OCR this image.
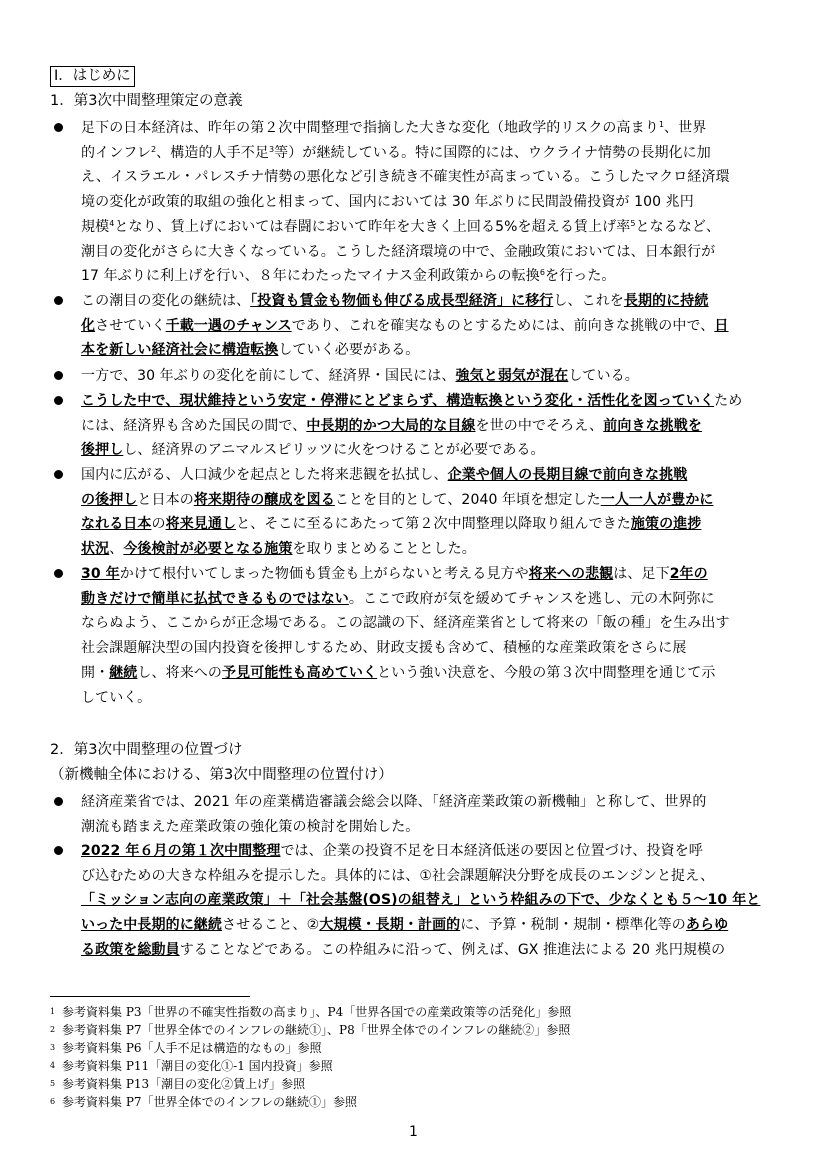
Ⅰ．はじめに
1．第3次中間整理策定の意義

足下の日本経済は、昨年の第２次中間整理で指摘した大きな変化（地政学的リスクの高まり$^1$、世界

的インフレ$^2$、構造的人手不足$^3$等）が継続している。特に国際的には、ウクライナ情勢の長期化に加

え、イスラエル・パレスチナ情勢の悪化など引き続き不確実性が高まっている。こうしたマクロ経済環

境の変化が政策的取組の強化と相まって、国内においては 30 年ぶりに民間設備投資が 100 兆円

規模$^4$となり、賃上げにおいては春闘において昨年を大きく上回る5%を超える賃上げ率$^5$となるなど、

潮目の変化がさらに大きくなっている。こうした経済環境の中で、金融政策においては、日本銀行が

17 年ぶりに利上げを行い、８年にわたったマイナス金利政策からの転換$^6$を行った。

この潮目の変化の継続は、「投資も賃金も物価も伸びる成長型経済」に移行し、これを長期的に持続

化させていく千載一遇のチャンスであり、これを確実なものとするためには、前向きな挑戦の中で、日

本を新しい経済社会に構造転換していく必要がある。

一方で、30 年ぶりの変化を前にして、経済界・国民には、強気と弱気が混在している。

こうした中で、現状維持という安定・停滞にとどまらず、構造転換という変化・活性化を図っていくため

には、経済界も含めた国民の間で、中長期的かつ大局的な目線を世の中でそろえ、前向きな挑戦を

後押しし、経済界のアニマルスピリッツに火をつけることが必要である。

国内に広がる、人口減少を起点とした将来悲観を払拭し、企業や個人の長期目線で前向きな挑戦

の後押しと日本の将来期待の醸成を図ることを目的として、2040 年頃を想定した一人一人が豊かに

なれる日本の将来見通しと、そこに至るにあたって第２次中間整理以降取り組んできた施策の進捗

状況、今後検討が必要となる施策を取りまとめることとした。

30 年かけて根付いてしまった物価も賃金も上がらないと考える見方や将来への悲観は、足下2年の

動きだけで簡単に払拭できるものではない。ここで政府が気を緩めてチャンスを逃し、元の木阿弥に

ならぬよう、ここからが正念場である。この認識の下、経済産業省として将来の「飯の種」を生み出す

社会課題解決型の国内投資を後押しするため、財政支援も含めて、積極的な産業政策をさらに展

開・継続し、将来への予見可能性も高めていくという強い決意を、今般の第３次中間整理を通じて示

していく。

2．第3次中間整理の位置づけ
（新機軸全体における、第3次中間整理の位置付け）

経済産業省では、2021 年の産業構造審議会総会以降、「経済産業政策の新機軸」と称して、世界的

潮流も踏まえた産業政策の強化策の検討を開始した。

2022 年６月の第１次中間整理では、企業の投資不足を日本経済低迷の要因と位置づけ、投資を呼

び込むための大きな枠組みを提示した。具体的には、①社会課題解決分野を成長のエンジンと捉え、

「ミッション志向の産業政策」＋「社会基盤(OS)の組替え」という枠組みの下で、少なくとも５～10 年と

いった中長期的に継続させること、②大規模・長期・計画的に、予算・税制・規制・標準化等のあらゆ

る政策を総動員することなどである。この枠組みに沿って、例えば、GX 推進法による 20 兆円規模の

1 参考資料集 P3「世界の不確実性指数の高まり」、P4「世界各国での産業政策等の活発化」参照
2 参考資料集 P7「世界全体でのインフレの継続①」、P8「世界全体でのインフレの継続②」参照
3 参考資料集 P6「人手不足は構造的なもの」参照
4 参考資料集 P11「潮目の変化①-1 国内投資」参照
5 参考資料集 P13「潮目の変化②賃上げ」参照
6 参考資料集 P7「世界全体でのインフレの継続①」参照
1
